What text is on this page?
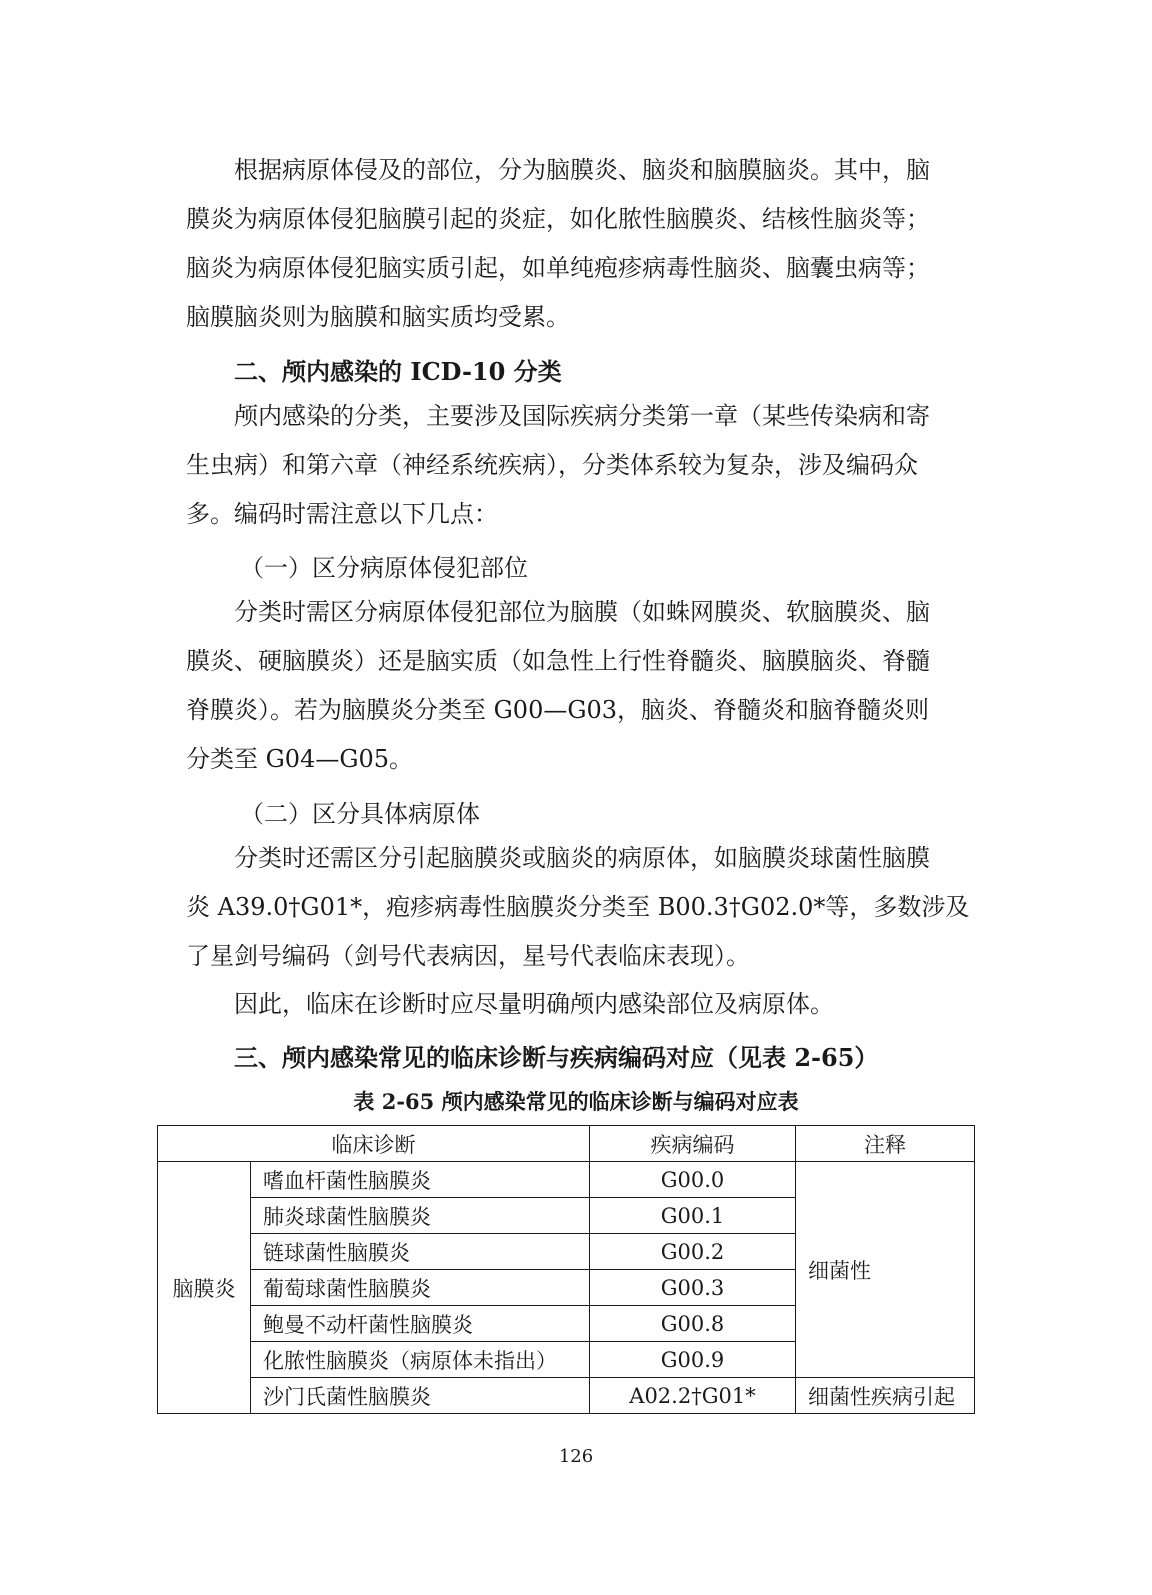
根据病原体侵及的部位，分为脑膜炎、脑炎和脑膜脑炎。其中，脑
膜炎为病原体侵犯脑膜引起的炎症，如化脓性脑膜炎、结核性脑炎等；
脑炎为病原体侵犯脑实质引起，如单纯疱疹病毒性脑炎、脑囊虫病等；
脑膜脑炎则为脑膜和脑实质均受累。

二、颅内感染的 ICD-10 分类

颅内感染的分类，主要涉及国际疾病分类第一章（某些传染病和寄
生虫病）和第六章（神经系统疾病），分类体系较为复杂，涉及编码众
多。编码时需注意以下几点：

（一）区分病原体侵犯部位

分类时需区分病原体侵犯部位为脑膜（如蛛网膜炎、软脑膜炎、脑
膜炎、硬脑膜炎）还是脑实质（如急性上行性脊髓炎、脑膜脑炎、脊髓
脊膜炎）。若为脑膜炎分类至 G00—G03，脑炎、脊髓炎和脑脊髓炎则
分类至 G04—G05。

（二）区分具体病原体

分类时还需区分引起脑膜炎或脑炎的病原体，如脑膜炎球菌性脑膜
炎 A39.0†G01*，疱疹病毒性脑膜炎分类至 B00.3†G02.0*等，多数涉及
了星剑号编码（剑号代表病因，星号代表临床表现）。
因此，临床在诊断时应尽量明确颅内感染部位及病原体。

三、颅内感染常见的临床诊断与疾病编码对应（见表 2-65）

表 2-65 颅内感染常见的临床诊断与编码对应表

临床诊断		疾病编码	注释
脑膜炎	嗜血杆菌性脑膜炎	G00.0	细菌性
	肺炎球菌性脑膜炎	G00.1	
	链球菌性脑膜炎	G00.2	
	葡萄球菌性脑膜炎	G00.3	
	鲍曼不动杆菌性脑膜炎	G00.8	
	化脓性脑膜炎（病原体未指出）	G00.9	
	沙门氏菌性脑膜炎	A02.2†G01*	细菌性疾病引起

126
